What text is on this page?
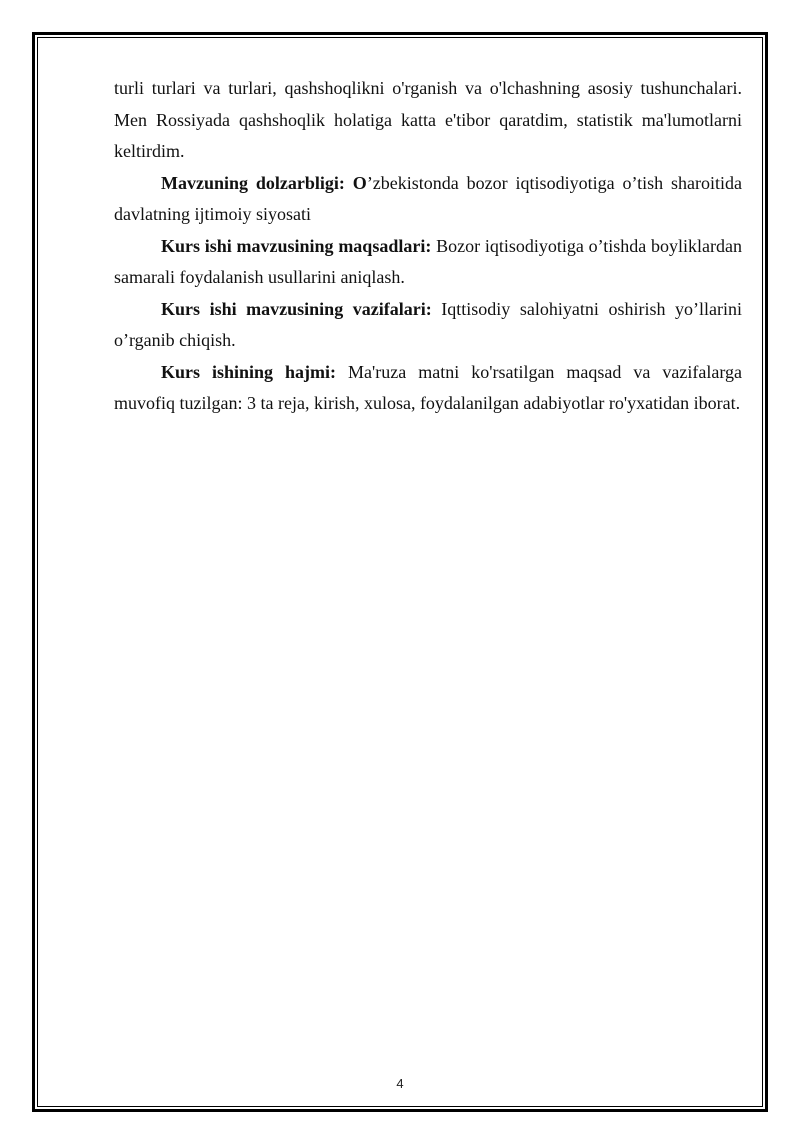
turli turlari va turlari, qashshoqlikni o'rganish va o'lchashning asosiy tushunchalari. Men Rossiyada qashshoqlik holatiga katta e'tibor qaratdim, statistik ma'lumotlarni keltirdim.

Mavzuning dolzarbligi: O’zbekistonda bozor iqtisodiyotiga o’tish sharoitida davlatning ijtimoiy siyosati

Kurs ishi mavzusining maqsadlari: Bozor iqtisodiyotiga o’tishda boyliklardan samarali foydalanish usullarini aniqlash.

Kurs ishi mavzusining vazifalari: Iqttisodiy salohiyatni oshirish yo’llarini o’rganib chiqish.

Kurs ishining hajmi: Ma'ruza matni ko'rsatilgan maqsad va vazifalarga muvofiq tuzilgan: 3 ta reja, kirish, xulosa, foydalanilgan adabiyotlar ro'yxatidan iborat.

4
